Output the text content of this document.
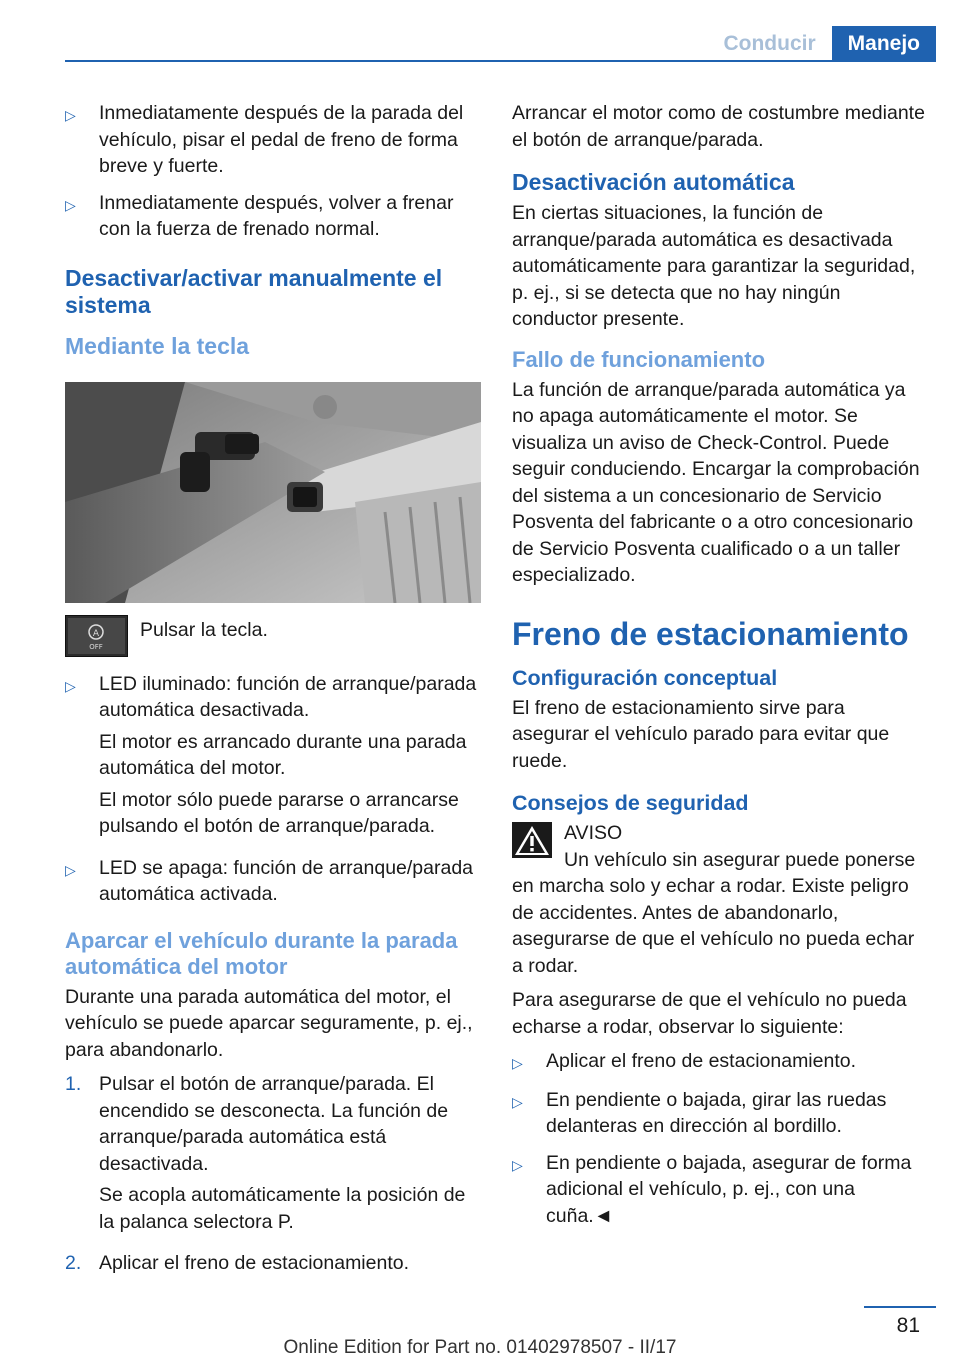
Conducir	Manejo
▷	Inmediatamente después de la parada del vehículo, pisar el pedal de freno de forma breve y fuerte.
▷	Inmediatamente después, volver a frenar con la fuerza de frenado normal.
Desactivar/activar manualmente el sistema
Mediante la tecla
A
OFF
Pulsar la tecla.
▷	LED iluminado: función de arranque/parada automática desactivada.

El motor es arrancado durante una parada automática del motor.

El motor sólo puede pararse o arrancarse pulsando el botón de arranque/parada.

▷	LED se apaga: función de arranque/parada automática activada.
Aparcar el vehículo durante la parada automática del motor

Durante una parada automática del motor, el vehículo se puede aparcar seguramente, p. ej., para abandonarlo.

1. Pulsar el botón de arranque/parada. El encendido se desconecta. La función de arranque/parada automática está desactivada.

Se acopla automáticamente la posición de la palanca selectora P.

2. Aplicar el freno de estacionamiento.

Arrancar el motor como de costumbre mediante el botón de arranque/parada.

Desactivación automática

En ciertas situaciones, la función de arranque/parada automática es desactivada automáticamente para garantizar la seguridad, p. ej., si se detecta que no hay ningún conductor presente.

Fallo de funcionamiento

La función de arranque/parada automática ya no apaga automáticamente el motor. Se visualiza un aviso de Check-Control. Puede seguir conduciendo. Encargar la comprobación del sistema a un concesionario de Servicio Posventa del fabricante o a otro concesionario de Servicio Posventa cualificado o a un taller especializado.

Freno de estacionamiento
Configuración conceptual

El freno de estacionamiento sirve para asegurar el vehículo parado para evitar que ruede.

Consejos de seguridad
AVISO
Un vehículo sin asegurar puede ponerse

en marcha solo y echar a rodar. Existe peligro de accidentes. Antes de abandonarlo, asegurarse de que el vehículo no pueda echar a rodar.

Para asegurarse de que el vehículo no pueda echarse a rodar, observar lo siguiente:

▷	Aplicar el freno de estacionamiento.
▷	En pendiente o bajada, girar las ruedas delanteras en dirección al bordillo.
▷	En pendiente o bajada, asegurar de forma adicional el vehículo, p. ej., con una cuña.◄
81
Online Edition for Part no. 01402978507 - II/17
